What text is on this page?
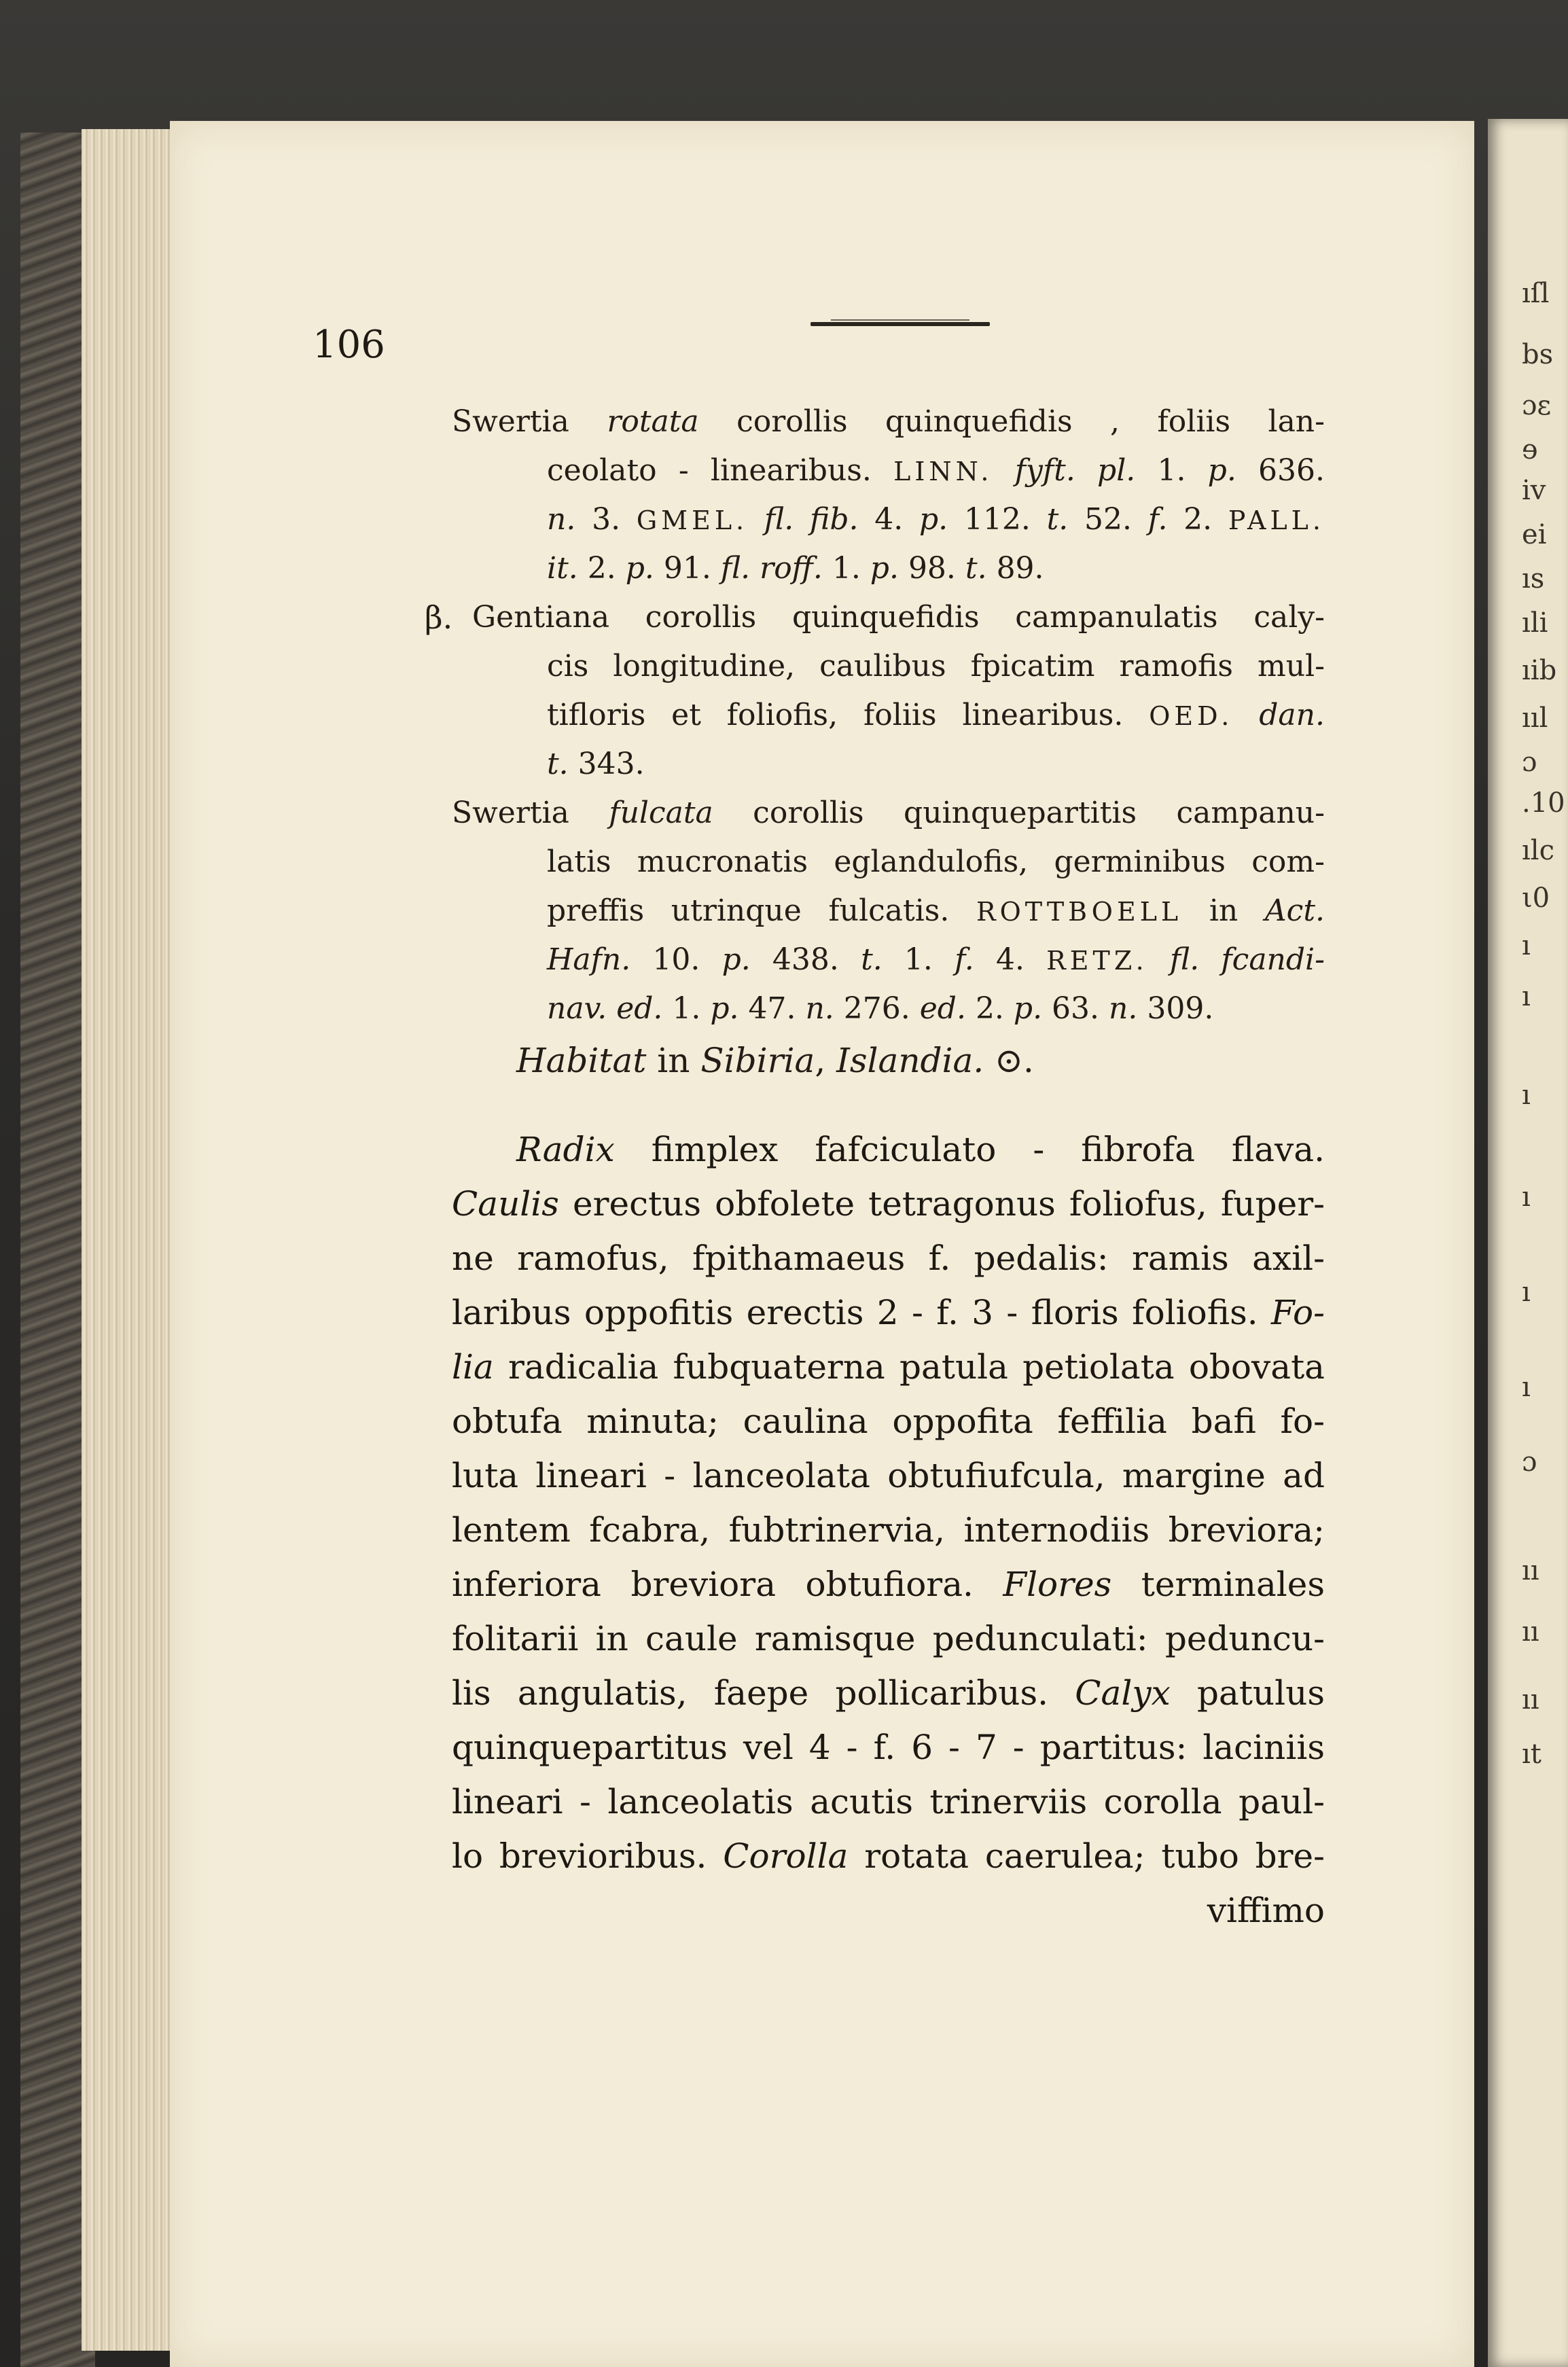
ıſl
bs
ɔɛ
ɘ
iv
ei
ıs
ıli
ıib
ııl
ɔ
.10
ılc
ι0
ı
ı
ı
ı
ı
ı
ɔ
ıı
ıı
ıı
ıt
106

Swertia rotata corollis quinquefidis , foliis lan-

ceolato - linearibus. LINN. fyft. pl. 1. p. 636.

n. 3. GMEL. fl. fib. 4. p. 112. t. 52. f. 2. PALL.

it. 2. p. 91. fl. roff. 1. p. 98. t. 89.

β. Gentiana corollis quinquefidis campanulatis caly-

cis longitudine, caulibus fpicatim ramofis mul-

tifloris et foliofis, foliis linearibus. OED. dan.

t. 343.

Swertia fulcata corollis quinquepartitis campanu-

latis mucronatis eglandulofis, germinibus com-

preffis utrinque fulcatis. ROTTBOELL in Act.

Hafn. 10. p. 438. t. 1. f. 4. RETZ. fl. fcandi-

nav. ed. 1. p. 47. n. 276. ed. 2. p. 63. n. 309.

Habitat in Sibiria, Islandia. ⊙.

Radix fimplex fafciculato - fibrofa flava.

Caulis erectus obfolete tetragonus foliofus, fuper-

ne ramofus, fpithamaeus f. pedalis: ramis axil-

laribus oppofitis erectis 2 - f. 3 - floris foliofis. Fo-

lia radicalia fubquaterna patula petiolata obovata

obtufa minuta; caulina oppofita feffilia bafi fo-

luta lineari - lanceolata obtufiufcula, margine ad

lentem fcabra, fubtrinervia, internodiis breviora;

inferiora breviora obtufiora. Flores terminales

folitarii in caule ramisque pedunculati: peduncu-

lis angulatis, faepe pollicaribus. Calyx patulus

quinquepartitus vel 4 - f. 6 - 7 - partitus: laciniis

lineari - lanceolatis acutis trinerviis corolla paul-

lo brevioribus. Corolla rotata caerulea; tubo bre-

viffimo
